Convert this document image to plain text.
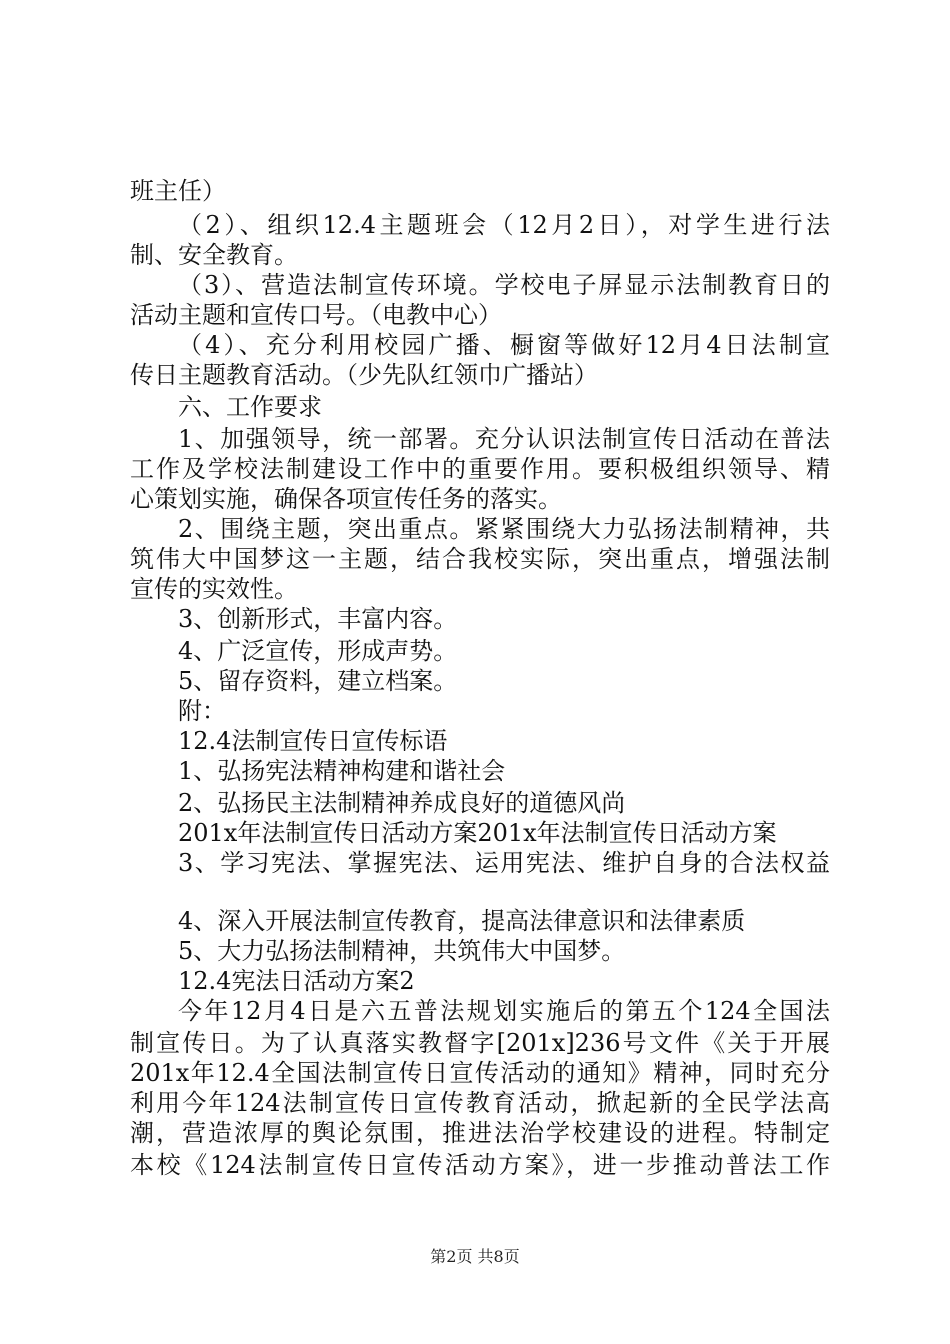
班主任）
（2）、组织12.4主题班会（12月2日），对学生进行法
制、安全教育。
（3）、营造法制宣传环境。学校电子屏显示法制教育日的
活动主题和宣传口号。（电教中心）
（4）、充分利用校园广播、橱窗等做好12月4日法制宣
传日主题教育活动。（少先队红领巾广播站）
六、工作要求
1、加强领导，统一部署。充分认识法制宣传日活动在普法
工作及学校法制建设工作中的重要作用。要积极组织领导、精
心策划实施，确保各项宣传任务的落实。
2、围绕主题，突出重点。紧紧围绕大力弘扬法制精神，共
筑伟大中国梦这一主题，结合我校实际，突出重点，增强法制
宣传的实效性。
3、创新形式，丰富内容。
4、广泛宣传，形成声势。
5、留存资料，建立档案。
附：
12.4法制宣传日宣传标语
1、弘扬宪法精神构建和谐社会
2、弘扬民主法制精神养成良好的道德风尚
201x年法制宣传日活动方案201x年法制宣传日活动方案
3、学习宪法、掌握宪法、运用宪法、维护自身的合法权益
4、深入开展法制宣传教育，提高法律意识和法律素质
5、大力弘扬法制精神，共筑伟大中国梦。
12.4宪法日活动方案2
今年12月4日是六五普法规划实施后的第五个124全国法
制宣传日。为了认真落实教督字[201x]236号文件《关于开展
201x年12.4全国法制宣传日宣传活动的通知》精神，同时充分
利用今年124法制宣传日宣传教育活动，掀起新的全民学法高
潮，营造浓厚的舆论氛围，推进法治学校建设的进程。特制定
本校《124法制宣传日宣传活动方案》，进一步推动普法工作
第2页 共8页
